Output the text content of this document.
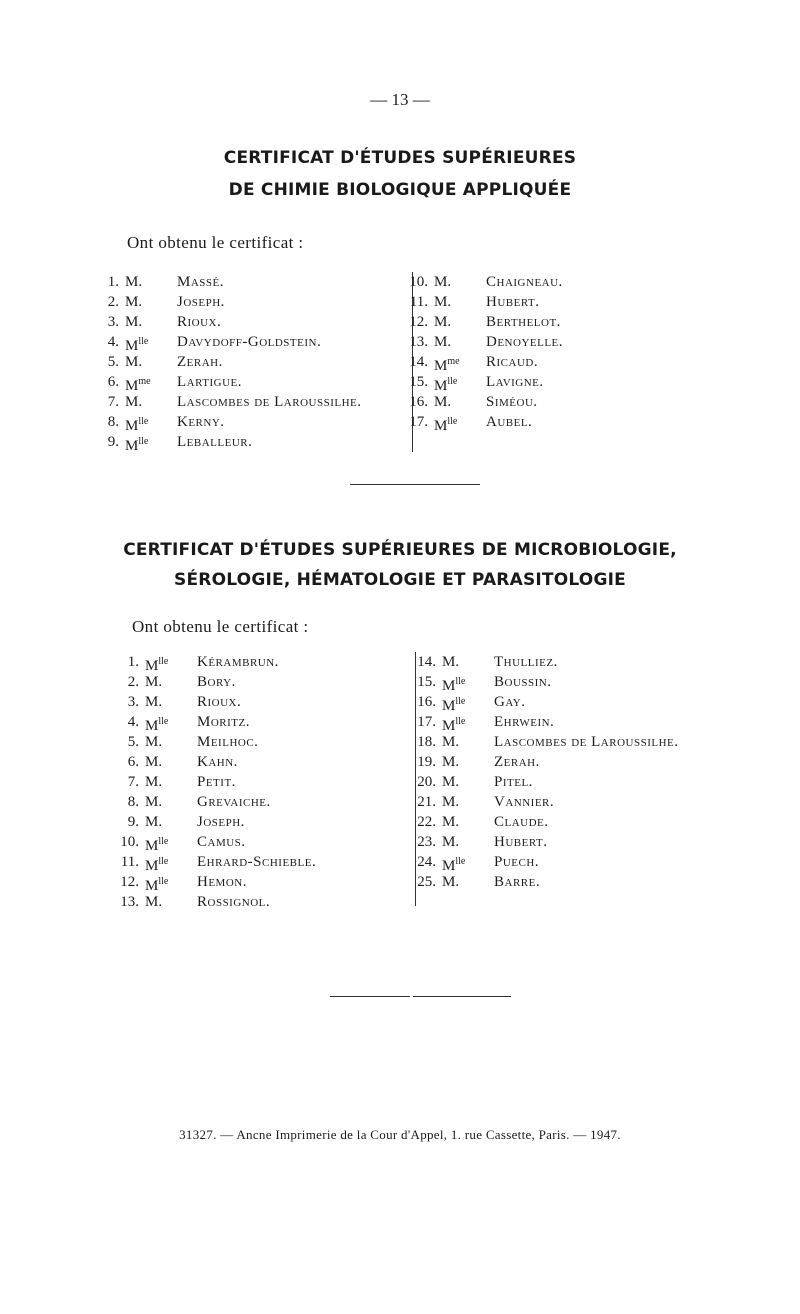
— 13 —
CERTIFICAT D'ÉTUDES SUPÉRIEURES
DE CHIMIE BIOLOGIQUE APPLIQUÉE
Ont obtenu le certificat :
1. M.	Massé.
2. M.	Joseph.
3. M.	Rioux.
4. $M^{lle}$	Davydoff-Goldstein.
5. M.	Zerah.
6. $M^{me}$	Lartigue.
7. M.	Lascombes de Laroussilhe.
8. $M^{lle}$	Kerny.
9. $M^{lle}$	Leballeur.
10. M.	Chaigneau.
11. M.	Hubert.
12. M.	Berthelot.
13. M.	Denoyelle.
14. $M^{me}$	Ricaud.
15. $M^{lle}$	Lavigne.
16. M.	Siméou.
17. $M^{lle}$	Aubel.
CERTIFICAT D'ÉTUDES SUPÉRIEURES DE MICROBIOLOGIE,
SÉROLOGIE, HÉMATOLOGIE ET PARASITOLOGIE
Ont obtenu le certificat :
1. $M^{lle}$	Kérambrun.
2. M.	Bory.
3. M.	Rioux.
4. $M^{lle}$	Moritz.
5. M.	Meilhoc.
6. M.	Kahn.
7. M.	Petit.
8. M.	Grevaiche.
9. M.	Joseph.
10. $M^{lle}$	Camus.
11. $M^{lle}$	Ehrard-Schieble.
12. $M^{lle}$	Hemon.
13. M.	Rossignol.
14. M.	Thulliez.
15. $M^{lle}$	Boussin.
16. $M^{lle}$	Gay.
17. $M^{lle}$	Ehrwein.
18. M.	Lascombes de Laroussilhe.
19. M.	Zerah.
20. M.	Pitel.
21. M.	Vannier.
22. M.	Claude.
23. M.	Hubert.
24. $M^{lle}$	Puech.
25. M.	Barre.
31327. — Ancne Imprimerie de la Cour d'Appel, 1. rue Cassette, Paris. — 1947.
